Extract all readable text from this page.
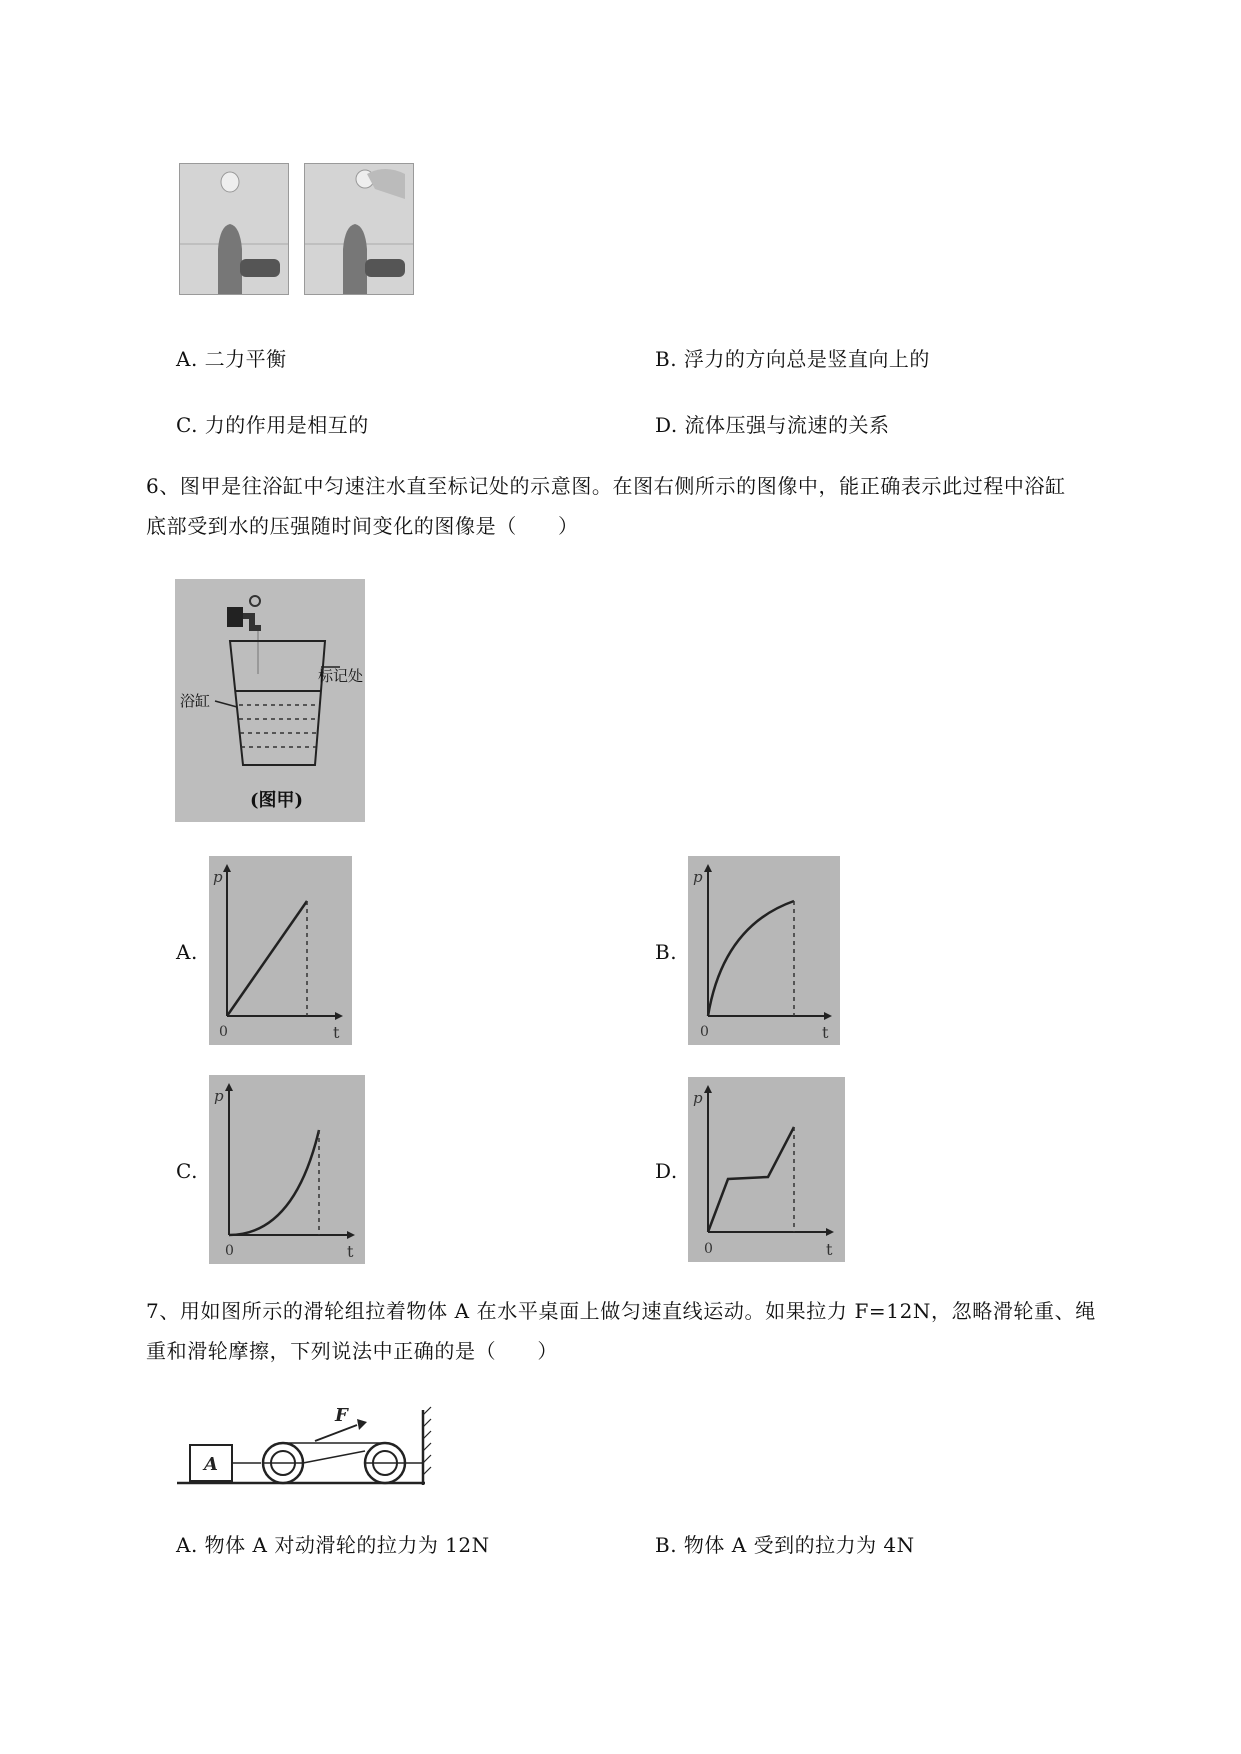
A. 二力平衡	B. 浮力的方向总是竖直向上的
C. 力的作用是相互的	D. 流体压强与流速的关系
6、图甲是往浴缸中匀速注水直至标记处的示意图。在图右侧所示的图像中，能正确表示此过程中浴缸
底部受到水的压强随时间变化的图像是（　　）
标记处
浴缸
(图甲)
A.	B.
C.	D.
p
t
0
p
t
0
p
t
0
p
t
0
7、用如图所示的滑轮组拉着物体 A 在水平桌面上做匀速直线运动。如果拉力 F=12N，忽略滑轮重、绳
重和滑轮摩擦，下列说法中正确的是（　　）
A
F
A. 物体 A 对动滑轮的拉力为 12N	B. 物体 A 受到的拉力为 4N
